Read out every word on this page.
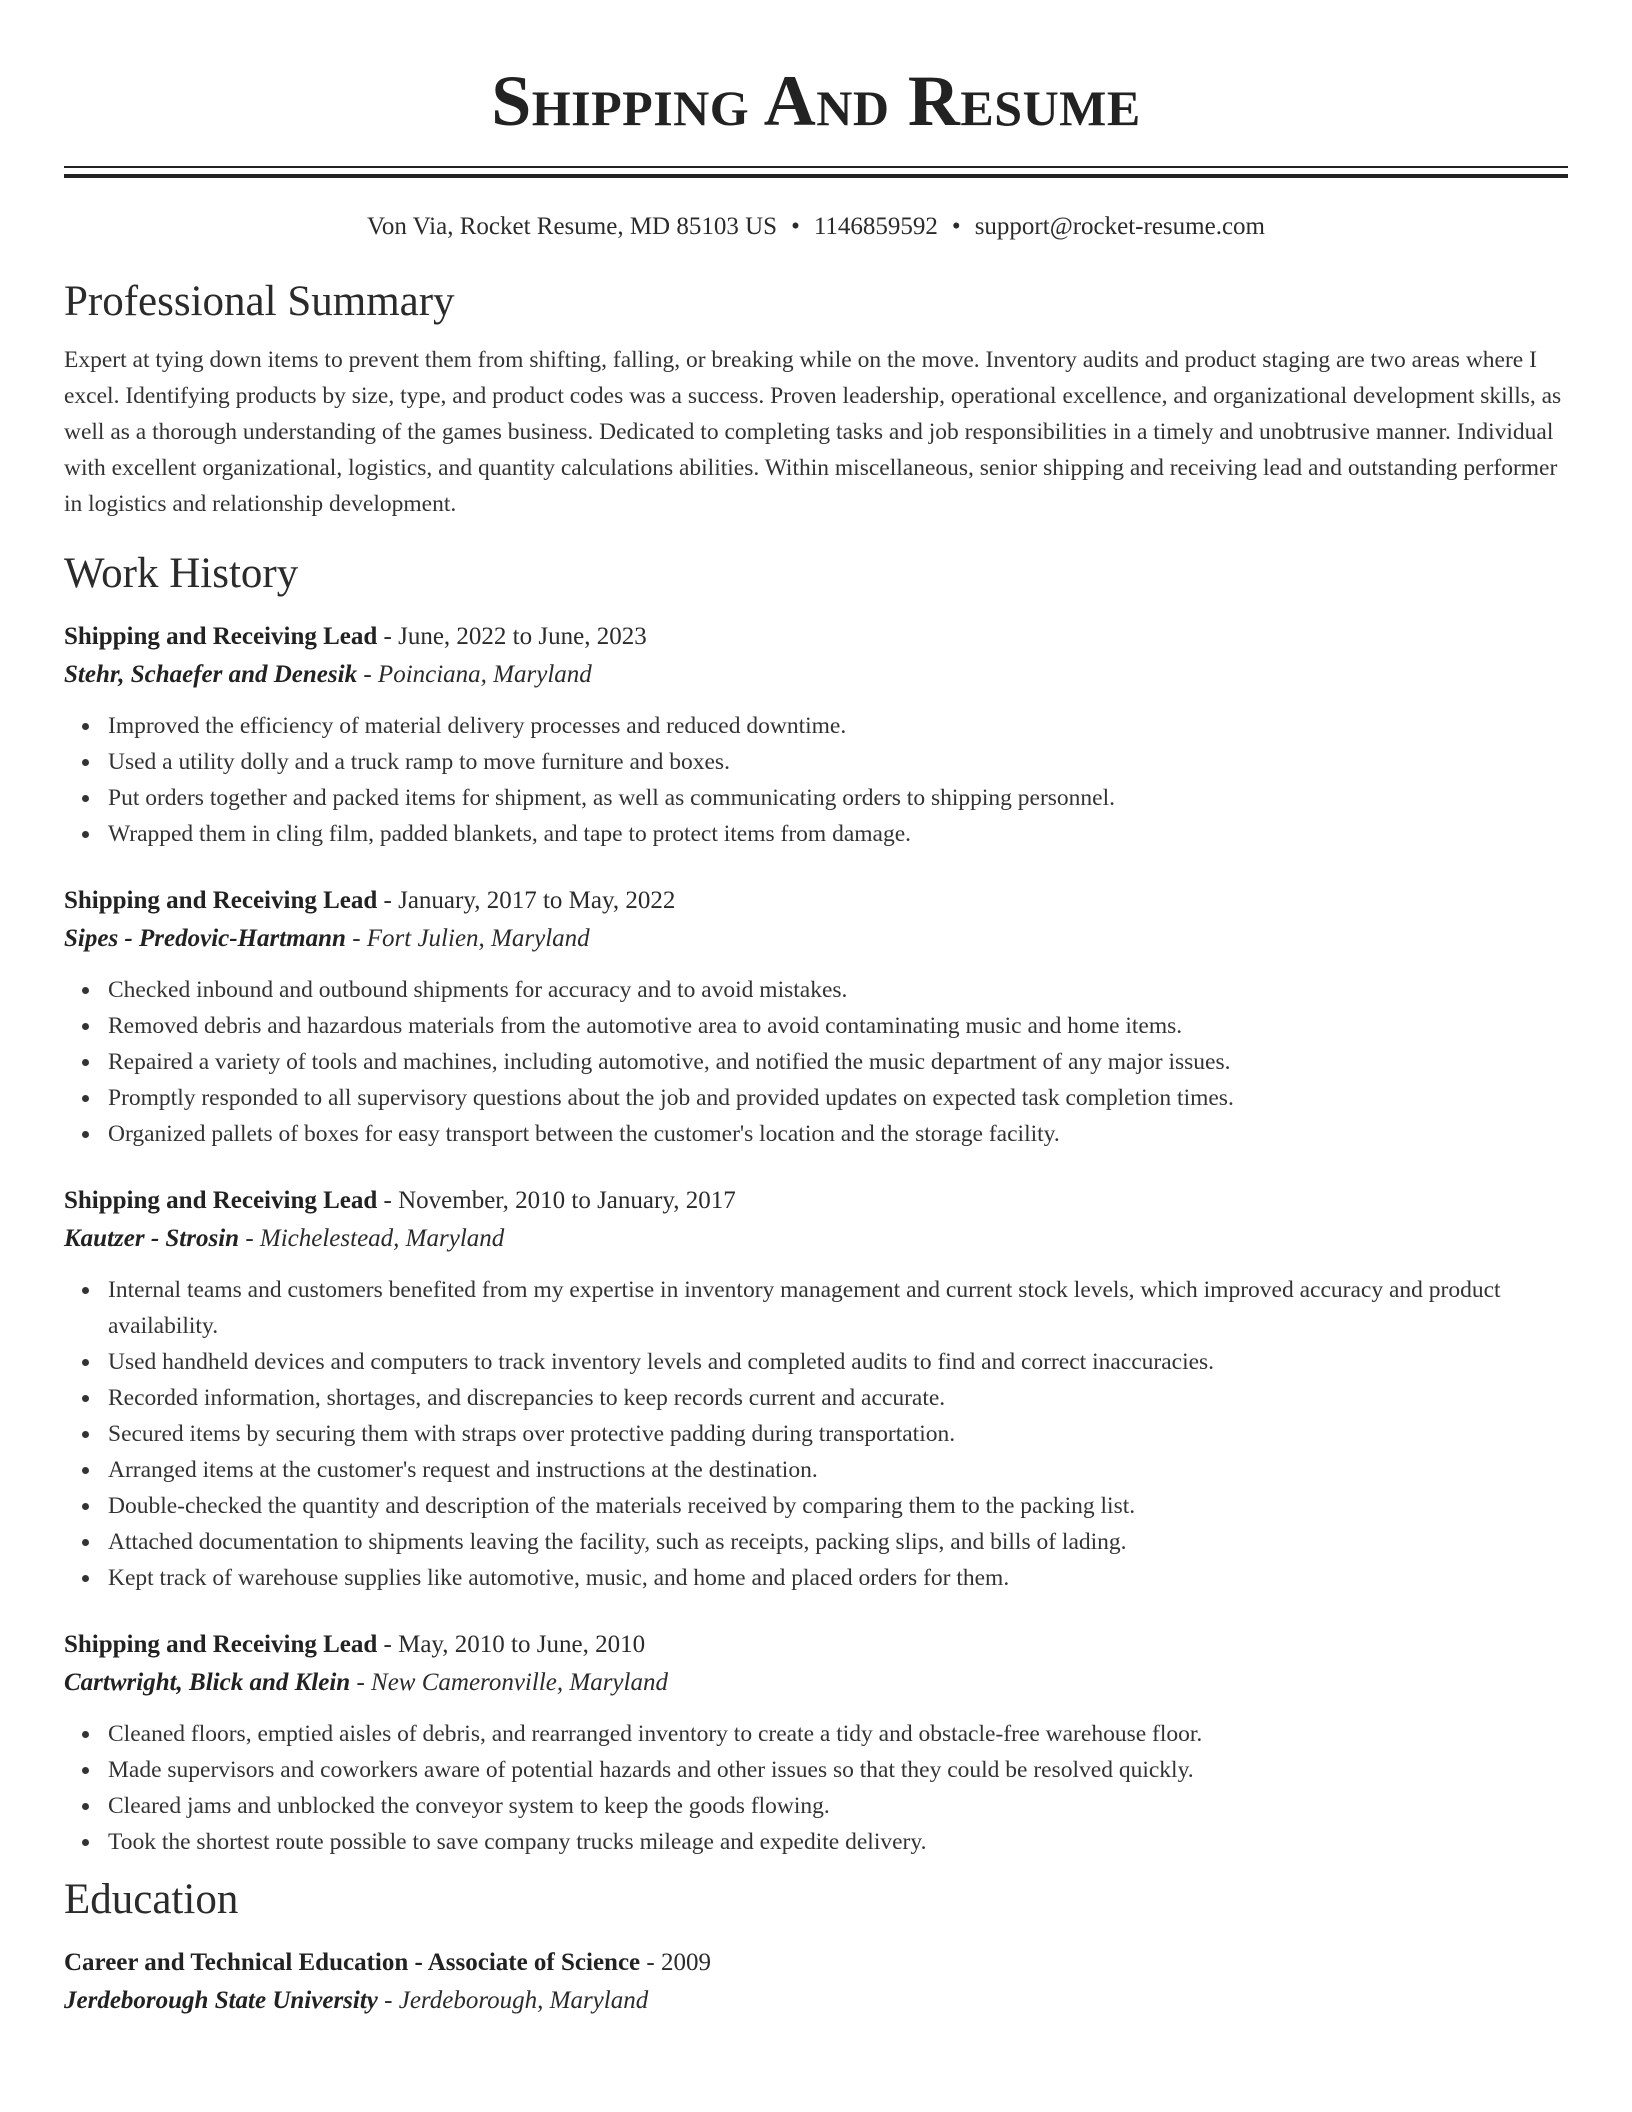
Shipping And Resume
Von Via, Rocket Resume, MD 85103 US • 1146859592 • support@rocket-resume.com
Professional Summary

Expert at tying down items to prevent them from shifting, falling, or breaking while on the move. Inventory audits and product staging are two areas where I excel. Identifying products by size, type, and product codes was a success. Proven leadership, operational excellence, and organizational development skills, as well as a thorough understanding of the games business. Dedicated to completing tasks and job responsibilities in a timely and unobtrusive manner. Individual with excellent organizational, logistics, and quantity calculations abilities. Within miscellaneous, senior shipping and receiving lead and outstanding performer in logistics and relationship development.

Work History
Shipping and Receiving Lead - June, 2022 to June, 2023
Stehr, Schaefer and Denesik - Poinciana, Maryland
Improved the efficiency of material delivery processes and reduced downtime.
Used a utility dolly and a truck ramp to move furniture and boxes.
Put orders together and packed items for shipment, as well as communicating orders to shipping personnel.
Wrapped them in cling film, padded blankets, and tape to protect items from damage.
Shipping and Receiving Lead - January, 2017 to May, 2022
Sipes - Predovic-Hartmann - Fort Julien, Maryland
Checked inbound and outbound shipments for accuracy and to avoid mistakes.
Removed debris and hazardous materials from the automotive area to avoid contaminating music and home items.
Repaired a variety of tools and machines, including automotive, and notified the music department of any major issues.
Promptly responded to all supervisory questions about the job and provided updates on expected task completion times.
Organized pallets of boxes for easy transport between the customer's location and the storage facility.
Shipping and Receiving Lead - November, 2010 to January, 2017
Kautzer - Strosin - Michelestead, Maryland
Internal teams and customers benefited from my expertise in inventory management and current stock levels, which improved accuracy and product availability.
Used handheld devices and computers to track inventory levels and completed audits to find and correct inaccuracies.
Recorded information, shortages, and discrepancies to keep records current and accurate.
Secured items by securing them with straps over protective padding during transportation.
Arranged items at the customer's request and instructions at the destination.
Double-checked the quantity and description of the materials received by comparing them to the packing list.
Attached documentation to shipments leaving the facility, such as receipts, packing slips, and bills of lading.
Kept track of warehouse supplies like automotive, music, and home and placed orders for them.
Shipping and Receiving Lead - May, 2010 to June, 2010
Cartwright, Blick and Klein - New Cameronville, Maryland
Cleaned floors, emptied aisles of debris, and rearranged inventory to create a tidy and obstacle-free warehouse floor.
Made supervisors and coworkers aware of potential hazards and other issues so that they could be resolved quickly.
Cleared jams and unblocked the conveyor system to keep the goods flowing.
Took the shortest route possible to save company trucks mileage and expedite delivery.
Education
Career and Technical Education - Associate of Science - 2009
Jerdeborough State University - Jerdeborough, Maryland
